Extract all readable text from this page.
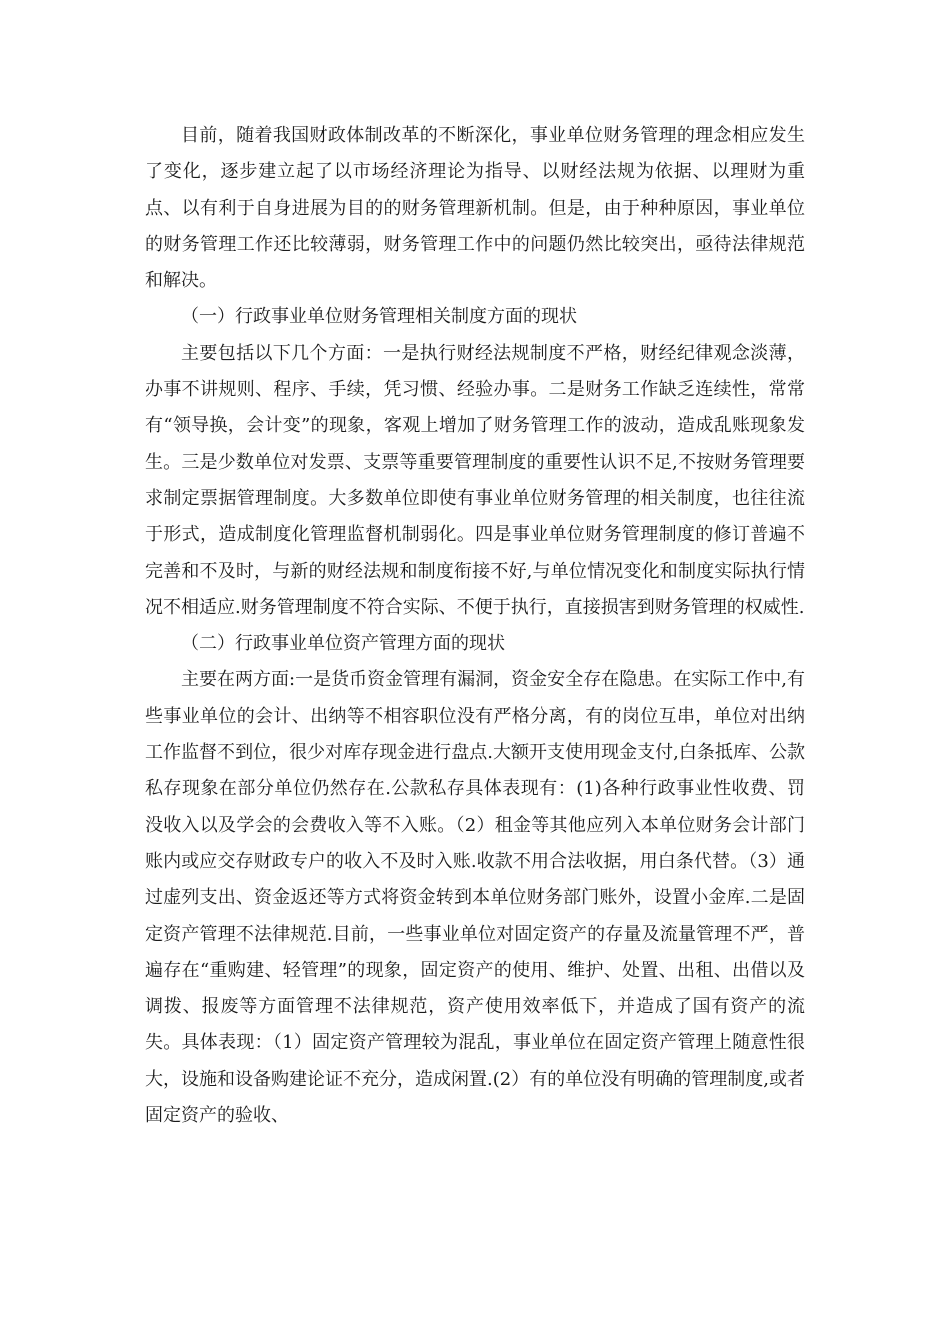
目前，随着我国财政体制改革的不断深化，事业单位财务管理的理念相应发生了变化，逐步建立起了以市场经济理论为指导、以财经法规为依据、以理财为重点、以有利于自身进展为目的的财务管理新机制。但是，由于种种原因，事业单位的财务管理工作还比较薄弱，财务管理工作中的问题仍然比较突出，亟待法律规范和解决。

（一）行政事业单位财务管理相关制度方面的现状

主要包括以下几个方面：一是执行财经法规制度不严格，财经纪律观念淡薄，办事不讲规则、程序、手续，凭习惯、经验办事。二是财务工作缺乏连续性，常常有“领导换，会计变”的现象，客观上增加了财务管理工作的波动，造成乱账现象发生。三是少数单位对发票、支票等重要管理制度的重要性认识不足,不按财务管理要求制定票据管理制度。大多数单位即使有事业单位财务管理的相关制度，也往往流于形式，造成制度化管理监督机制弱化。四是事业单位财务管理制度的修订普遍不完善和不及时，与新的财经法规和制度衔接不好,与单位情况变化和制度实际执行情况不相适应.财务管理制度不符合实际、不便于执行，直接损害到财务管理的权威性.

（二）行政事业单位资产管理方面的现状

主要在两方面:一是货币资金管理有漏洞，资金安全存在隐患。在实际工作中,有些事业单位的会计、出纳等不相容职位没有严格分离，有的岗位互串，单位对出纳工作监督不到位，很少对库存现金进行盘点.大额开支使用现金支付,白条抵库、公款私存现象在部分单位仍然存在.公款私存具体表现有：(1)各种行政事业性收费、罚没收入以及学会的会费收入等不入账。（2）租金等其他应列入本单位财务会计部门账内或应交存财政专户的收入不及时入账.收款不用合法收据，用白条代替。（3）通过虚列支出、资金返还等方式将资金转到本单位财务部门账外，设置小金库.二是固定资产管理不法律规范.目前，一些事业单位对固定资产的存量及流量管理不严，普遍存在“重购建、轻管理”的现象，固定资产的使用、维护、处置、出租、出借以及调拨、报废等方面管理不法律规范，资产使用效率低下，并造成了国有资产的流失。具体表现：（1）固定资产管理较为混乱，事业单位在固定资产管理上随意性很大，设施和设备购建论证不充分，造成闲置.(2）有的单位没有明确的管理制度,或者固定资产的验收、
